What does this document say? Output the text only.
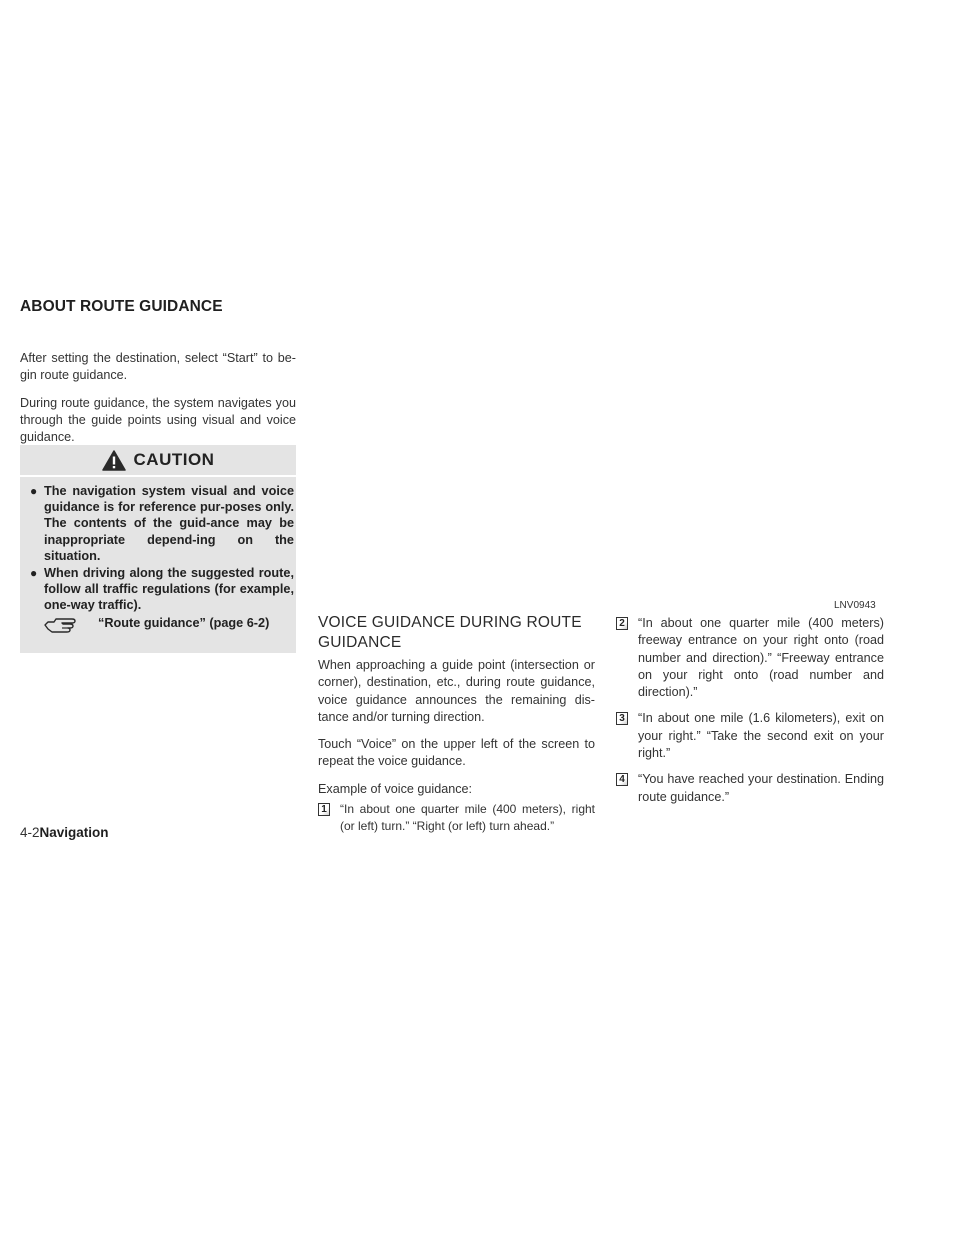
ABOUT ROUTE GUIDANCE

After setting the destination, select “Start” to be-gin route guidance.

During route guidance, the system navigates you through the guide points using visual and voice guidance.

CAUTION
● The navigation system visual and voice guidance is for reference pur-poses only. The contents of the guid-ance may be inappropriate depend-ing on the situation.
● When driving along the suggested route, follow all traffic regulations (for example, one-way traffic).
“Route guidance” (page 6-2)	VOICE GUIDANCE DURING ROUTE GUIDANCE

When approaching a guide point (intersection or corner), destination, etc., during route guidance, voice guidance announces the remaining dis-tance and/or turning direction.

Touch “Voice” on the upper left of the screen to repeat the voice guidance.

Example of voice guidance:

1 “In about one quarter mile (400 meters), right (or left) turn.” “Right (or left) turn ahead.”
LNV0943
2 “In about one quarter mile (400 meters) freeway entrance on your right onto (road number and direction).” “Freeway entrance on your right onto (road number and direction).”
3 “In about one mile (1.6 kilometers), exit on your right.” “Take the second exit on your right.”
4 “You have reached your destination. Ending route guidance.”
4-2Navigation
